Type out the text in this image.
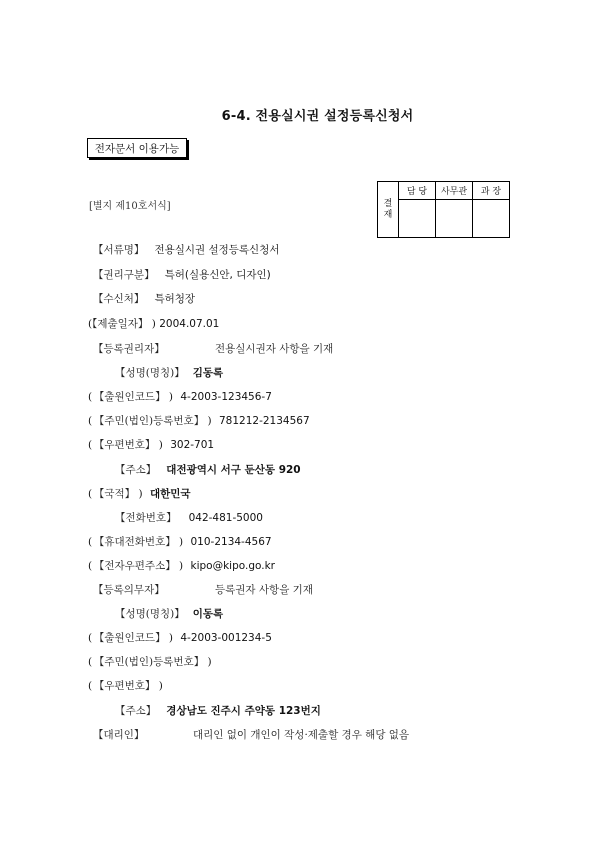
6-4. 전용실시권 설정등록신청서
전자문서 이용가능
[별지 제10호서식]	결재	담 당	사무관	과 장

【서류명】 전용실시권 설정등록신청서
【권리구분】 특허(실용신안, 디자인)
【수신처】 특허청장
(【제출일자】 ) 2004.07.01
【등록권리자】	전용실시권자 사항을 기재
【성명(명칭)】 김동록
( 【출원인코드】 ) 4-2003-123456-7
( 【주민(법인)등록번호】 ) 781212-2134567
( 【우편번호】 ) 302-701
【주소】 대전광역시 서구 둔산동 920
( 【국적】 ) 대한민국
【전화번호】 042-481-5000
( 【휴대전화번호】 ) 010-2134-4567
( 【전자우편주소】 ) kipo@kipo.go.kr
【등록의무자】	등록권자 사항을 기재
【성명(명칭)】 이동록
( 【출원인코드】 ) 4-2003-001234-5
( 【주민(법인)등록번호】 )
( 【우편번호】 )
【주소】 경상남도 진주시 주약동 123번지
【대리인】	대리인 없이 개인이 작성·제출할 경우 해당 없음
